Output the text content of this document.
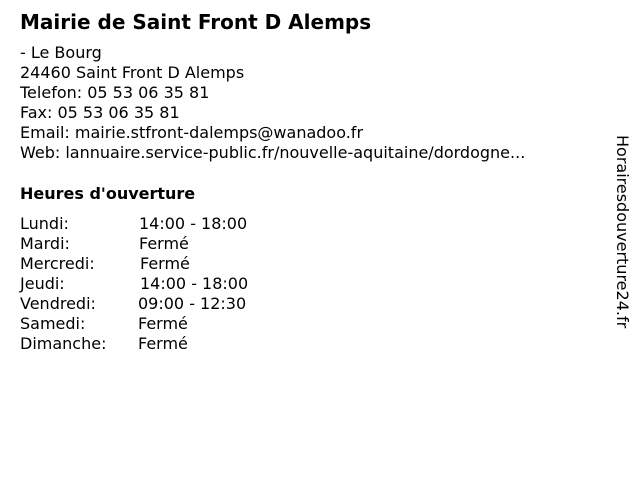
Mairie de Saint Front D Alemps
- Le Bourg
24460 Saint Front D Alemps
Telefon: 05 53 06 35 81
Fax: 05 53 06 35 81
Email: mairie.stfront-dalemps@wanadoo.fr
Web: lannuaire.service-public.fr/nouvelle-aquitaine/dordogne...
Heures d'ouverture
Lundi:	14:00 - 18:00
Mardi:	Fermé
Mercredi:	Fermé
Jeudi:	14:00 - 18:00
Vendredi:	09:00 - 12:30
Samedi:	Fermé
Dimanche: Fermé
Horairesdouverture24.fr
